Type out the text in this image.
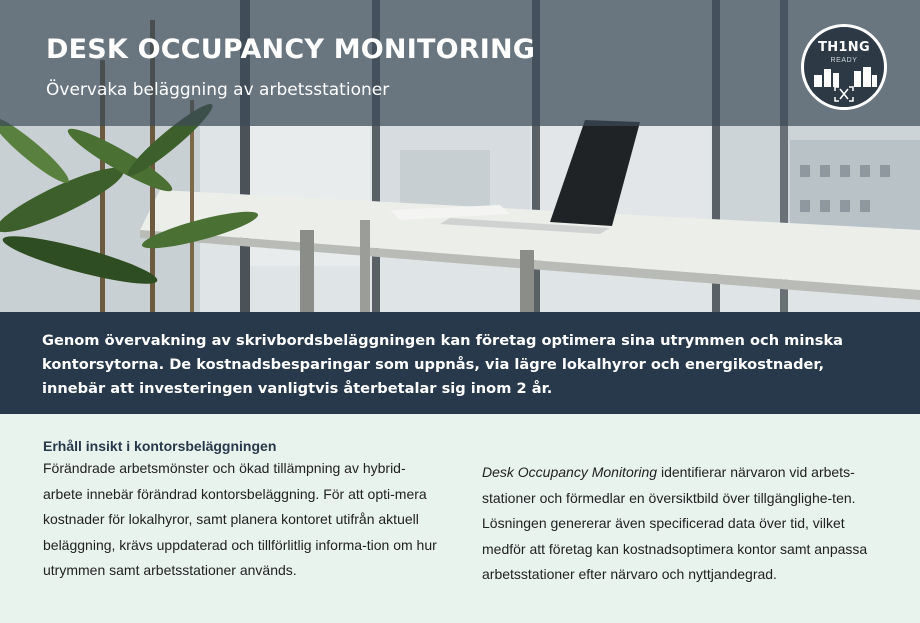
DESK OCCUPANCY MONITORING

Övervaka beläggning av arbetsstationer

TH1NG
READY

Genom övervakning av skrivbordsbeläggningen kan företag optimera sina utrymmen och minska kontorsytorna. De kostnadsbesparingar som uppnås, via lägre lokalhyror och energikostnader, innebär att investeringen vanligtvis återbetalar sig inom 2 år.

Erhåll insikt i kontorsbeläggningen

Förändrade arbetsmönster och ökad tillämpning av hybrid-arbete innebär förändrad kontorsbeläggning. För att opti-mera kostnader för lokalhyror, samt planera kontoret utifrån aktuell beläggning, krävs uppdaterad och tillförlitlig informa-tion om hur utrymmen samt arbetsstationer används.

Desk Occupancy Monitoring identifierar närvaron vid arbets-stationer och förmedlar en översiktbild över tillgänglighe-ten. Lösningen genererar även specificerad data över tid, vilket medför att företag kan kostnadsoptimera kontor samt anpassa arbetsstationer efter närvaro och nyttjandegrad.
